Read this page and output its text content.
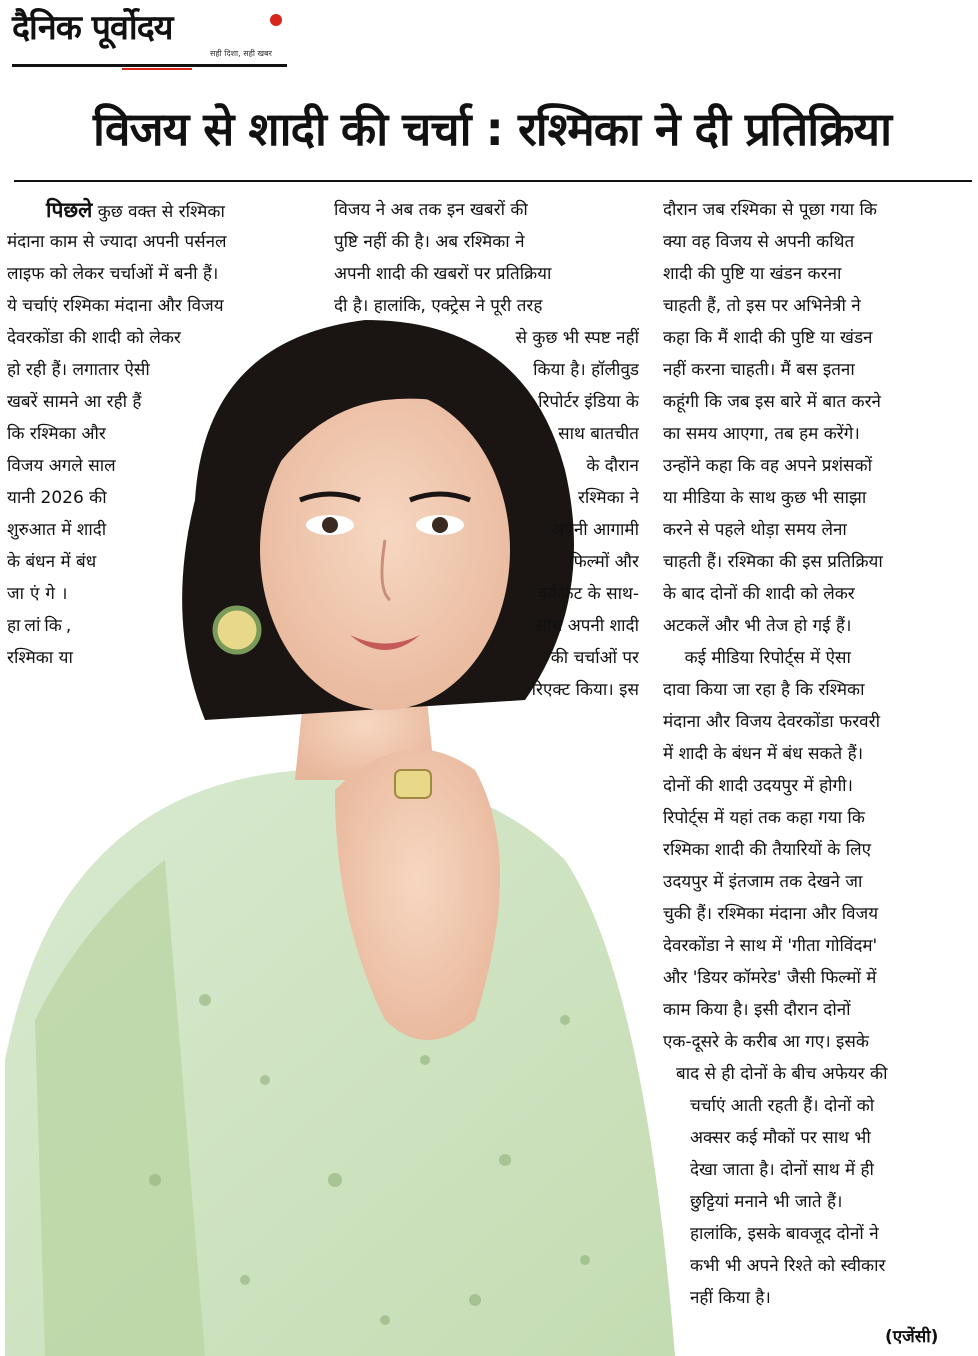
दैनिक पूर्वोदय
सही दिशा, सही खबर
विजय से शादी की चर्चा : रश्मिका ने दी प्रतिक्रिया
पिछले कुछ वक्त से रश्मिका
मंदाना काम से ज्यादा अपनी पर्सनल
लाइफ को लेकर चर्चाओं में बनी हैं।
ये चर्चाएं रश्मिका मंदाना और विजय
देवरकोंडा की शादी को लेकर
हो रही हैं। लगातार ऐसी
खबरें सामने आ रही हैं
कि रश्मिका और
विजय अगले साल
यानी 2026 की
शुरुआत में शादी
के बंधन में बंध
जाएंगे।
हालांकि,
रश्मिका या
विजय ने अब तक इन खबरों की
पुष्टि नहीं की है। अब रश्मिका ने
अपनी शादी की खबरों पर प्रतिक्रिया
दी है। हालांकि, एक्ट्रेस ने पूरी तरह
से कुछ भी स्पष्ट नहीं
किया है। हॉलीवुड
रिपोर्टर इंडिया के
साथ बातचीत
के दौरान
रश्मिका ने
अपनी आगामी
फिल्मों और
वर्कफ्रंट के साथ-
साथ अपनी शादी
की चर्चाओं पर
रिएक्ट किया। इस
दौरान जब रश्मिका से पूछा गया कि
क्या वह विजय से अपनी कथित
शादी की पुष्टि या खंडन करना
चाहती हैं, तो इस पर अभिनेत्री ने
कहा कि मैं शादी की पुष्टि या खंडन
नहीं करना चाहती। मैं बस इतना
कहूंगी कि जब इस बारे में बात करने
का समय आएगा, तब हम करेंगे।
उन्होंने कहा कि वह अपने प्रशंसकों
या मीडिया के साथ कुछ भी साझा
करने से पहले थोड़ा समय लेना
चाहती हैं। रश्मिका की इस प्रतिक्रिया
के बाद दोनों की शादी को लेकर
अटकलें और भी तेज हो गई हैं।
कई मीडिया रिपोर्ट्स में ऐसा
दावा किया जा रहा है कि रश्मिका
मंदाना और विजय देवरकोंडा फरवरी
में शादी के बंधन में बंध सकते हैं।
दोनों की शादी उदयपुर में होगी।
रिपोर्ट्स में यहां तक कहा गया कि
रश्मिका शादी की तैयारियों के लिए
उदयपुर में इंतजाम तक देखने जा
चुकी हैं। रश्मिका मंदाना और विजय
देवरकोंडा ने साथ में 'गीता गोविंदम'
और 'डियर कॉमरेड' जैसी फिल्मों में
काम किया है। इसी दौरान दोनों
एक-दूसरे के करीब आ गए। इसके
बाद से ही दोनों के बीच अफेयर की
चर्चाएं आती रहती हैं। दोनों को
अक्सर कई मौकों पर साथ भी
देखा जाता है। दोनों साथ में ही
छुट्टियां मनाने भी जाते हैं।
हालांकि, इसके बावजूद दोनों ने
कभी भी अपने रिश्ते को स्वीकार
नहीं किया है।
(एजेंसी)
